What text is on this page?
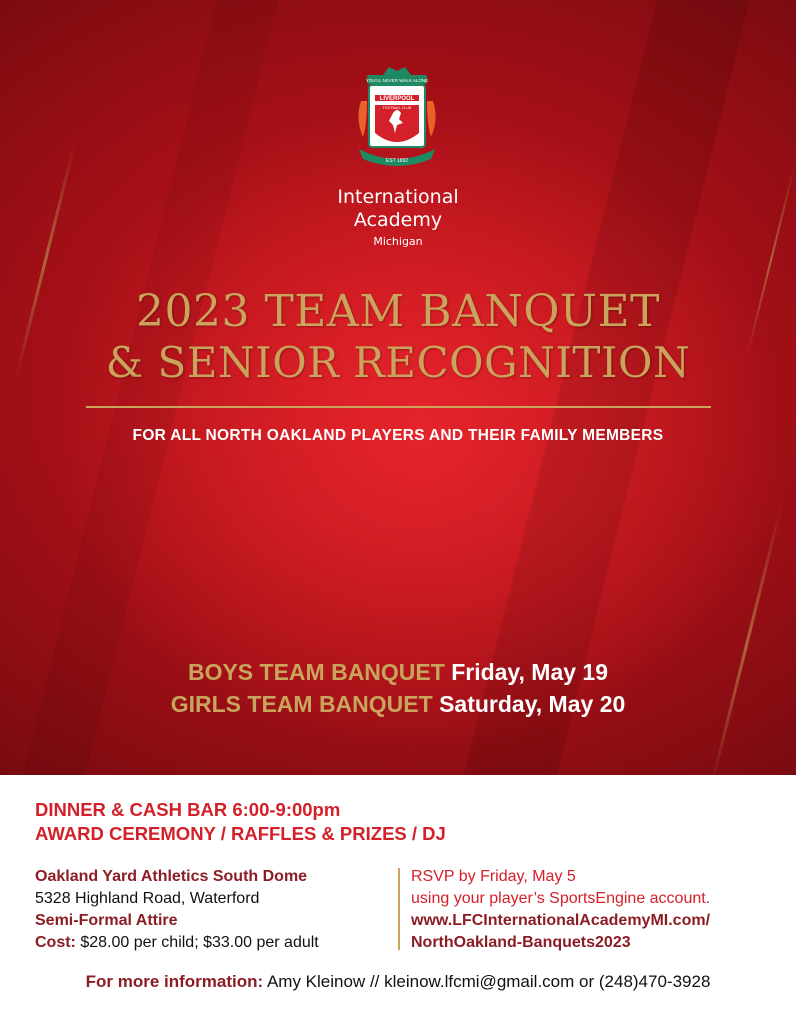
YOU'LL NEVER WALK ALONE
LIVERPOOL
FOOTBALL CLUB
EST 1892
International
Academy
Michigan
2023 TEAM BANQUET
& SENIOR RECOGNITION
FOR ALL NORTH OAKLAND PLAYERS AND THEIR FAMILY MEMBERS
BOYS TEAM BANQUET Friday, May 19
GIRLS TEAM BANQUET Saturday, May 20
DINNER & CASH BAR 6:00-9:00pm
AWARD CEREMONY / RAFFLES & PRIZES / DJ
Oakland Yard Athletics South Dome
5328 Highland Road, Waterford
Semi-Formal Attire
Cost: $28.00 per child; $33.00 per adult
RSVP by Friday, May 5
using your player’s SportsEngine account.
www.LFCInternationalAcademyMI.com/
NorthOakland-Banquets2023
For more information: Amy Kleinow // kleinow.lfcmi@gmail.com or (248)470-3928
